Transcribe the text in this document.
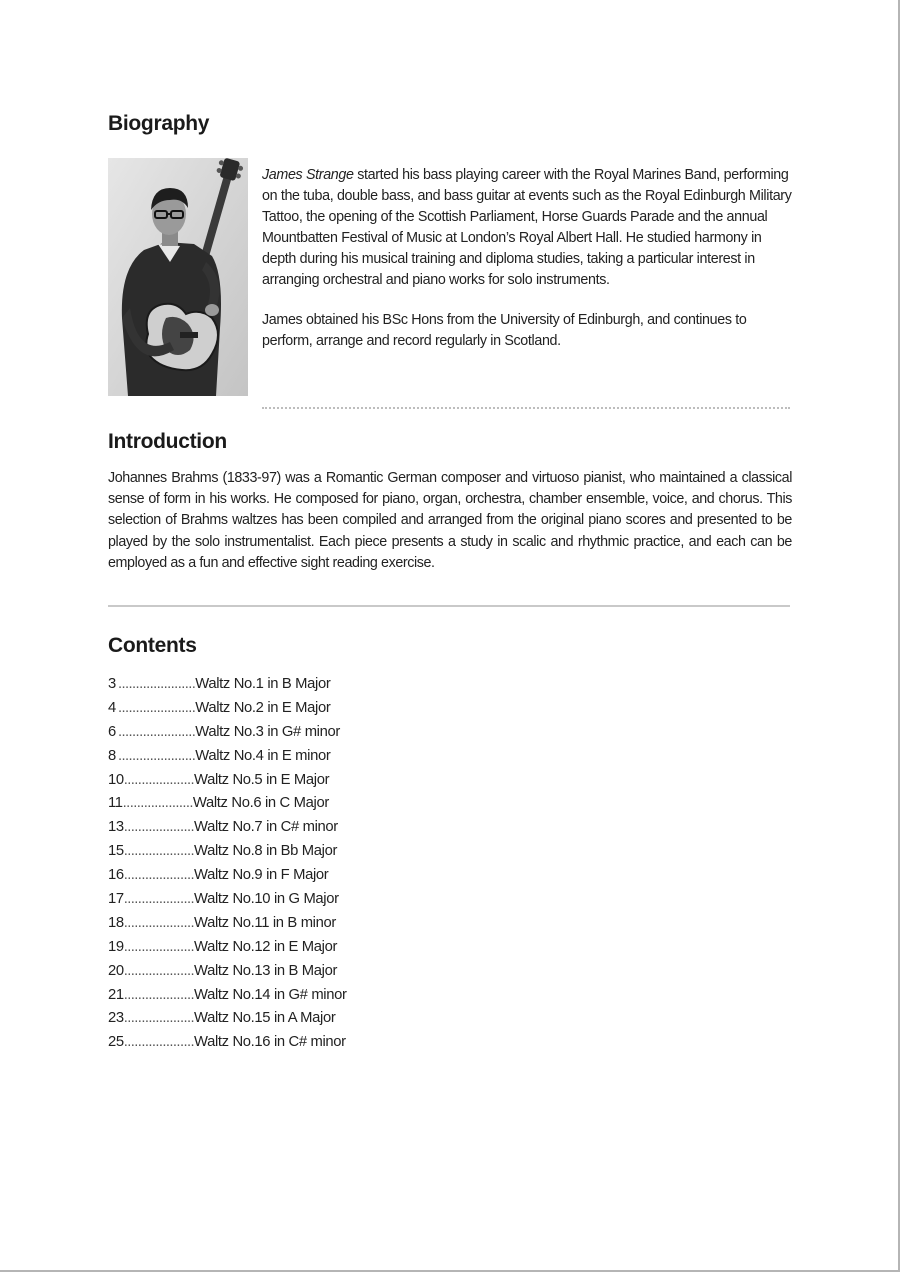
Biography

James Strange started his bass playing career with the Royal Marines Band, performing on the tuba, double bass, and bass guitar at events such as the Royal Edinburgh Military Tattoo, the opening of the Scottish Parliament, Horse Guards Parade and the annual Mountbatten Festival of Music at London’s Royal Albert Hall. He studied harmony in depth during his musical training and diploma studies, taking a particular interest in arranging orchestral and piano works for solo instruments.

James obtained his BSc Hons from the University of Edinburgh, and continues to perform, arrange and record regularly in Scotland.

Introduction

Johannes Brahms (1833-97) was a Romantic German composer and virtuoso pianist, who maintained a classical sense of form in his works. He composed for piano, organ, orchestra, chamber ensemble, voice, and chorus. This selection of Brahms waltzes has been compiled and arranged from the original piano scores and presented to be played by the solo instrumentalist. Each piece presents a study in scalic and rhythmic practice, and each can be employed as a fun and effective sight reading exercise.

Contents
3 ...................... Waltz No.1 in B Major
4 ...................... Waltz No.2 in E Major
6 ...................... Waltz No.3 in G# minor
8 ...................... Waltz No.4 in E minor
10 .................... Waltz No.5 in E Major
11 .................... Waltz No.6 in C Major
13 .................... Waltz No.7 in C# minor
15 .................... Waltz No.8 in Bb Major
16 .................... Waltz No.9 in F Major
17 .................... Waltz No.10 in G Major
18 .................... Waltz No.11 in B minor
19 .................... Waltz No.12 in E Major
20 .................... Waltz No.13 in B Major
21 .................... Waltz No.14 in G# minor
23 .................... Waltz No.15 in A Major
25 .................... Waltz No.16 in C# minor
